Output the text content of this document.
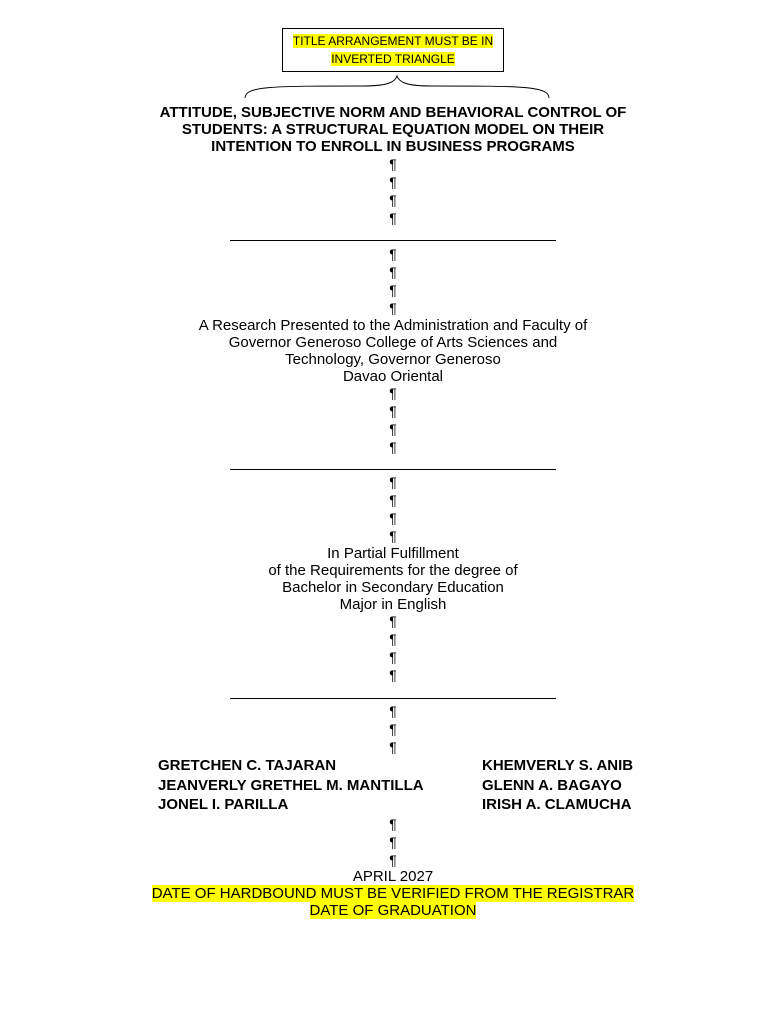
TITLE ARRANGEMENT MUST BE IN
INVERTED TRIANGLE
ATTITUDE, SUBJECTIVE NORM AND BEHAVIORAL CONTROL OF
STUDENTS: A STRUCTURAL EQUATION MODEL ON THEIR
INTENTION TO ENROLL IN BUSINESS PROGRAMS
¶
¶
¶
¶
¶
¶
¶
¶
A Research Presented to the Administration and Faculty of
Governor Generoso College of Arts Sciences and
Technology, Governor Generoso
Davao Oriental
¶
¶
¶
¶
¶
¶
¶
¶
In Partial Fulfillment
of the Requirements for the degree of
Bachelor in Secondary Education
Major in English
¶
¶
¶
¶
¶
¶
¶
GRETCHEN C. TAJARAN
JEANVERLY GRETHEL M. MANTILLA
JONEL I. PARILLA
KHEMVERLY S. ANIB
GLENN A. BAGAYO
IRISH A. CLAMUCHA
¶
¶
¶
APRIL 2027
DATE OF HARDBOUND MUST BE VERIFIED FROM THE REGISTRAR
DATE OF GRADUATION
